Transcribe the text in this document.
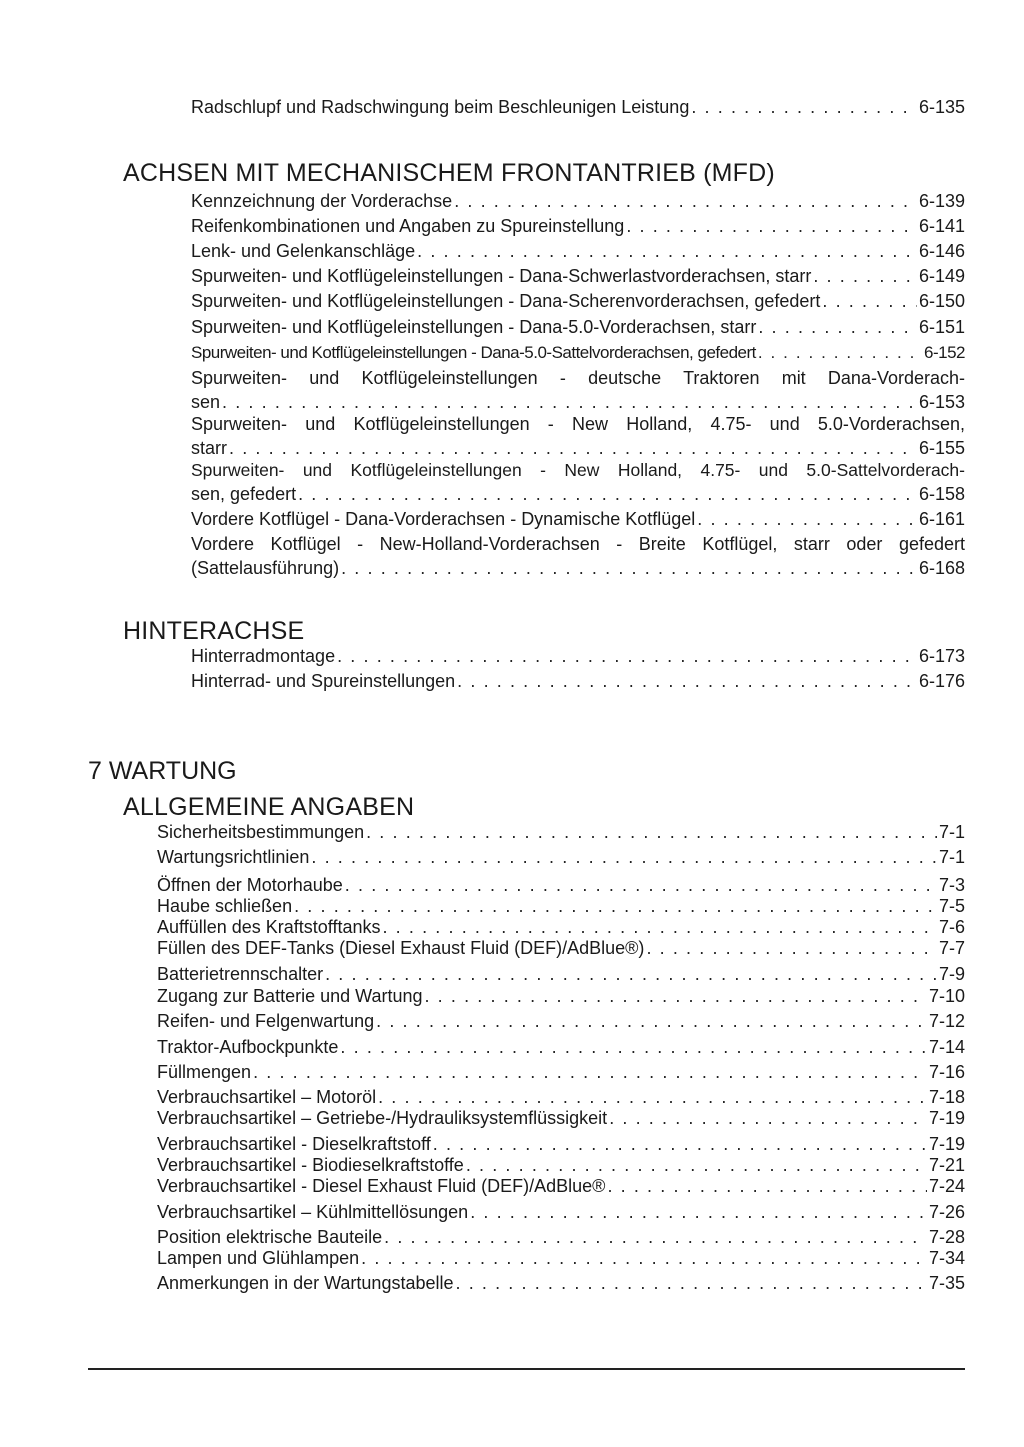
Radschlupf und Radschwingung beim Beschleunigen Leistung . . .	6-135
ACHSEN MIT MECHANISCHEM FRONTANTRIEB (MFD)
Kennzeichnung der Vorderachse . . .	6-139
Reifenkombinationen und Angaben zu Spureinstellung . . .	6-141
Lenk- und Gelenkanschläge . . .	6-146
Spurweiten- und Kotflügeleinstellungen - Dana-Schwerlastvorderachsen, starr . . .	6-149
Spurweiten- und Kotflügeleinstellungen - Dana-Scherenvorderachsen, gefedert . . .	6-150
Spurweiten- und Kotflügeleinstellungen - Dana-5.0-Vorderachsen, starr . . .	6-151
Spurweiten- und Kotflügeleinstellungen - Dana-5.0-Sattelvorderachsen, gefedert . . .	6-152
Spurweiten- und Kotflügeleinstellungen - deutsche Traktoren mit Dana-Vorderach-
sen . . .	6-153
Spurweiten- und Kotflügeleinstellungen - New Holland, 4.75- und 5.0-Vorderachsen,
starr . . .	6-155
Spurweiten- und Kotflügeleinstellungen - New Holland, 4.75- und 5.0-Sattelvorderach-
sen, gefedert . . .	6-158
Vordere Kotflügel - Dana-Vorderachsen - Dynamische Kotflügel . . .	6-161
Vordere Kotflügel - New-Holland-Vorderachsen - Breite Kotflügel, starr oder gefedert
(Sattelausführung) . . .	6-168
HINTERACHSE
Hinterradmontage . . .	6-173
Hinterrad- und Spureinstellungen . . .	6-176
7 WARTUNG
ALLGEMEINE ANGABEN
Sicherheitsbestimmungen . . .	7-1
Wartungsrichtlinien . . .	7-1
Öffnen der Motorhaube . . .	7-3
Haube schließen . . .	7-5
Auffüllen des Kraftstofftanks . . .	7-6
Füllen des DEF-Tanks (Diesel Exhaust Fluid (DEF)/AdBlue®) . . .	7-7
Batterietrennschalter . . .	7-9
Zugang zur Batterie und Wartung . . .	7-10
Reifen- und Felgenwartung . . .	7-12
Traktor-Aufbockpunkte . . .	7-14
Füllmengen . . .	7-16
Verbrauchsartikel – Motoröl . . .	7-18
Verbrauchsartikel – Getriebe-/Hydrauliksystemflüssigkeit . . .	7-19
Verbrauchsartikel - Dieselkraftstoff . . .	7-19
Verbrauchsartikel - Biodieselkraftstoffe . . .	7-21
Verbrauchsartikel - Diesel Exhaust Fluid (DEF)/AdBlue® . . .	7-24
Verbrauchsartikel – Kühlmittellösungen . . .	7-26
Position elektrische Bauteile . . .	7-28
Lampen und Glühlampen . . .	7-34
Anmerkungen in der Wartungstabelle . . .	7-35
